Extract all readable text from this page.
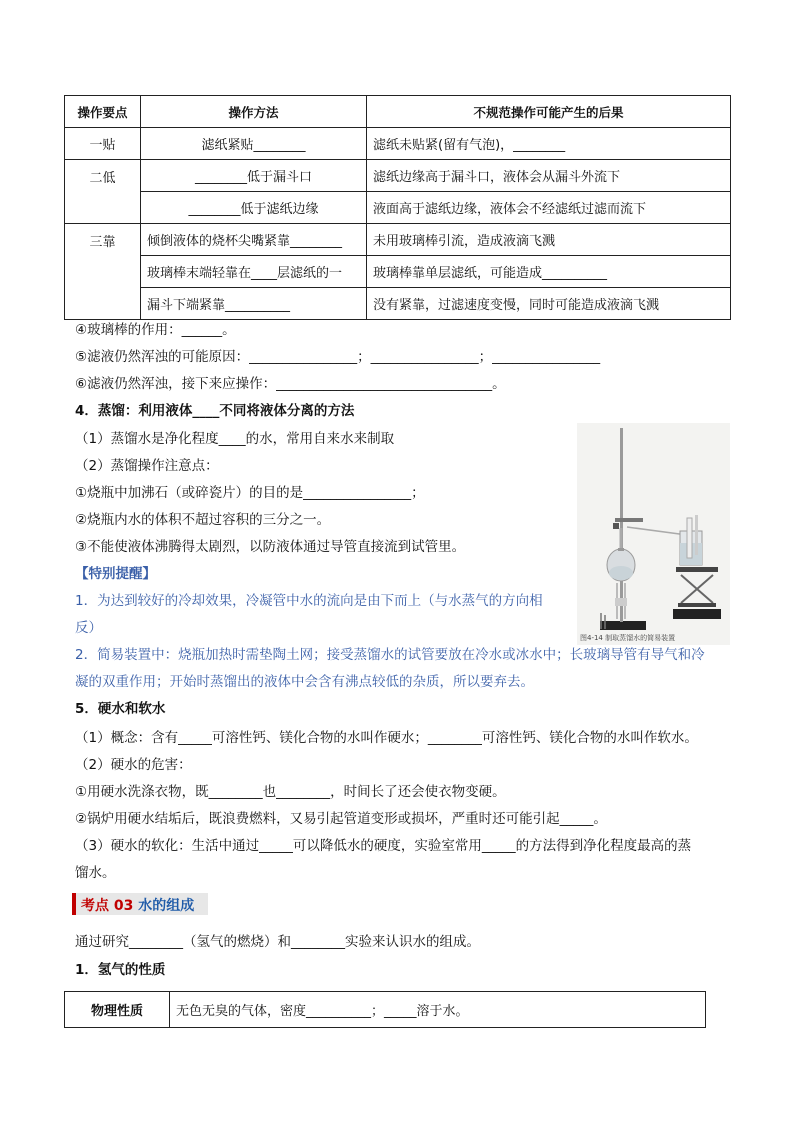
操作要点	操作方法	不规范操作可能产生的后果
一贴	滤纸紧贴________	滤纸未贴紧(留有气泡)，________
二低	________低于漏斗口	滤纸边缘高于漏斗口，液体会从漏斗外流下
	________低于滤纸边缘	液面高于滤纸边缘，液体会不经滤纸过滤而流下
三靠	倾倒液体的烧杯尖嘴紧靠________	未用玻璃棒引流，造成液滴飞溅
	玻璃棒末端轻靠在____层滤纸的一	玻璃棒靠单层滤纸，可能造成__________
	漏斗下端紧靠__________	没有紧靠，过滤速度变慢，同时可能造成液滴飞溅
④玻璃棒的作用：______。
⑤滤液仍然浑浊的可能原因：________________；________________；________________
⑥滤液仍然浑浊，接下来应操作：________________________________。
4．蒸馏：利用液体____不同将液体分离的方法
（1）蒸馏水是净化程度____的水，常用自来水来制取
（2）蒸馏操作注意点：
①烧瓶中加沸石（或碎瓷片）的目的是________________；
②烧瓶内水的体积不超过容积的三分之一。
③不能使液体沸腾得太剧烈，以防液体通过导管直接流到试管里。
【特别提醒】
1．为达到较好的冷却效果，冷凝管中水的流向是由下而上（与水蒸气的方向相
反）
2．简易装置中：烧瓶加热时需垫陶土网；接受蒸馏水的试管要放在冷水或冰水中；长玻璃导管有导气和冷
凝的双重作用；开始时蒸馏出的液体中会含有沸点较低的杂质，所以要弃去。
5．硬水和软水
（1）概念：含有_____可溶性钙、镁化合物的水叫作硬水；________可溶性钙、镁化合物的水叫作软水。
（2）硬水的危害：
①用硬水洗涤衣物，既________也________，时间长了还会使衣物变硬。
②锅炉用硬水结垢后，既浪费燃料，又易引起管道变形或损坏，严重时还可能引起_____。
（3）硬水的软化：生活中通过_____可以降低水的硬度，实验室常用_____的方法得到净化程度最高的蒸
馏水。
图4-14 制取蒸馏水的简易装置
考点 03 水的组成
通过研究________（氢气的燃烧）和________实验来认识水的组成。
1．氢气的性质
物理性质	无色无臭的气体，密度__________；_____溶于水。
